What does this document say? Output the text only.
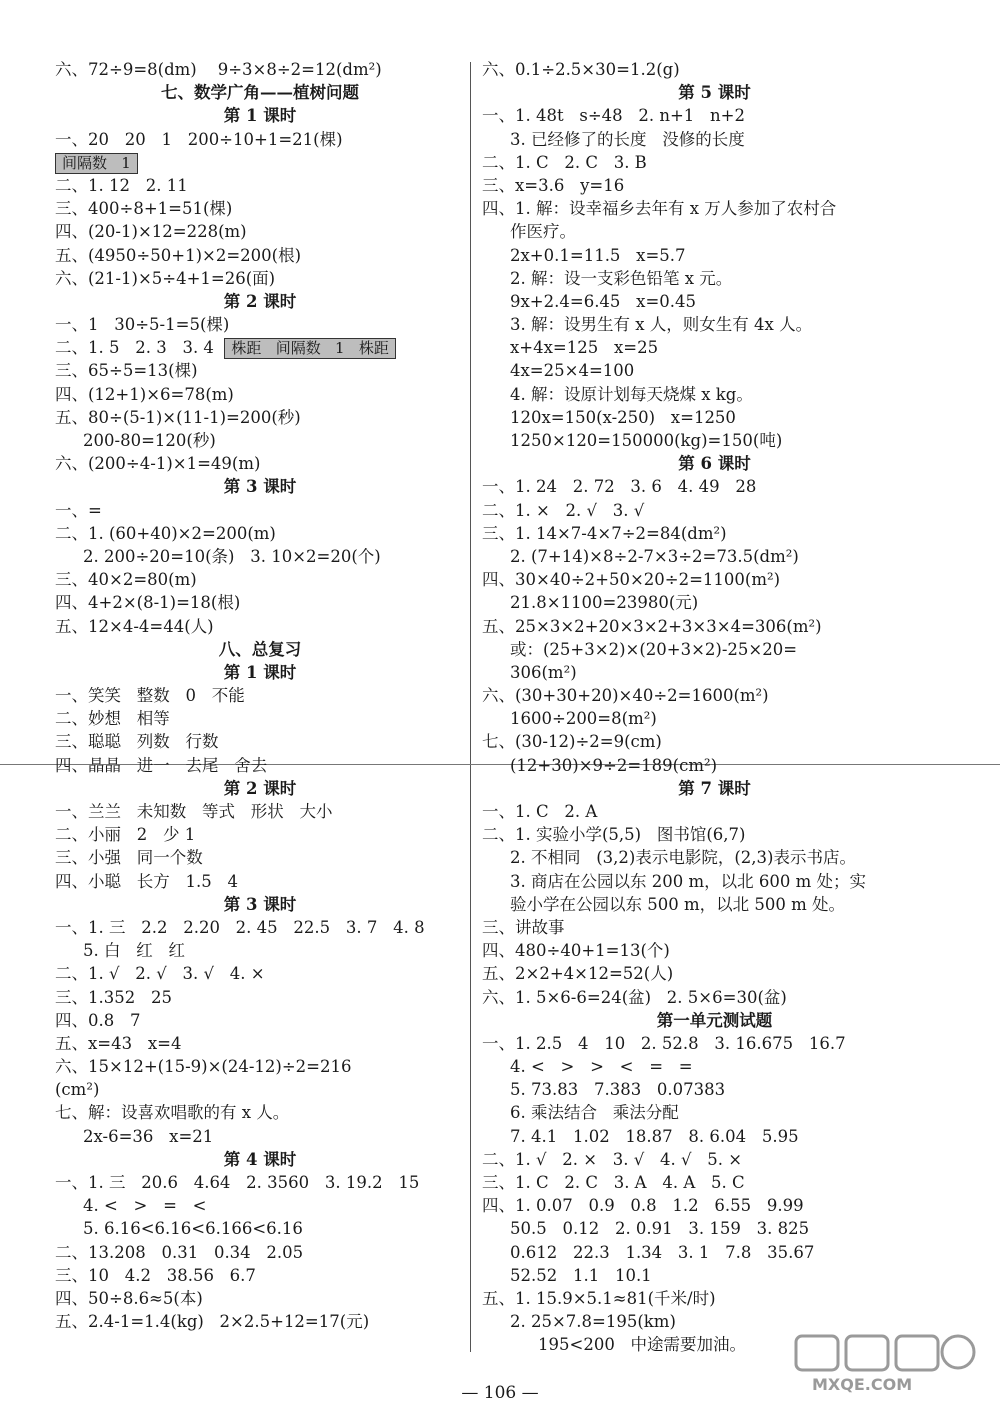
六、72÷9=8(dm)    9÷3×8÷2=12(dm²)
七、数学广角——植树问题
第 1 课时
一、20   20   1   200÷10+1=21(棵)
间隔数   1
二、1. 12   2. 11
三、400÷8+1=51(棵)
四、(20-1)×12=228(m)
五、(4950÷50+1)×2=200(根)
六、(21-1)×5÷4+1=26(面)
第 2 课时
一、1   30÷5-1=5(棵)
二、1. 5   2. 3   3. 4  株距   间隔数   1   株距
三、65÷5=13(棵)
四、(12+1)×6=78(m)
五、80÷(5-1)×(11-1)=200(秒)
200-80=120(秒)
六、(200÷4-1)×1=49(m)
第 3 课时
一、=
二、1. (60+40)×2=200(m)
2. 200÷20=10(条)   3. 10×2=20(个)
三、40×2=80(m)
四、4+2×(8-1)=18(根)
五、12×4-4=44(人)
八、总复习
第 1 课时
一、笑笑   整数   0   不能
二、妙想   相等
三、聪聪   列数   行数
四、晶晶   进一   去尾   舍去
第 2 课时
一、兰兰   未知数   等式   形状   大小
二、小丽   2   少 1
三、小强   同一个数
四、小聪   长方   1.5   4
第 3 课时
一、1. 三   2.2   2.20   2. 45   22.5   3. 7   4. 8
5. 白   红   红
二、1. √   2. √   3. √   4. ×
三、1.352   25
四、0.8   7
五、x=43   x=4
六、15×12+(15-9)×(24-12)÷2=216
(cm²)
七、解：设喜欢唱歌的有 x 人。
2x-6=36   x=21
第 4 课时
一、1. 三   20.6   4.64   2. 3560   3. 19.2   15
4. <   >   =   <
5. 6.16<6.16<6.166<6.16
二、13.208   0.31   0.34   2.05
三、10   4.2   38.56   6.7
四、50÷8.6≈5(本)
五、2.4-1=1.4(kg)   2×2.5+12=17(元)
六、0.1÷2.5×30=1.2(g)
第 5 课时
一、1. 48t   s÷48   2. n+1   n+2
3. 已经修了的长度   没修的长度
二、1. C   2. C   3. B
三、x=3.6   y=16
四、1. 解：设幸福乡去年有 x 万人参加了农村合
作医疗。
2x+0.1=11.5   x=5.7
2. 解：设一支彩色铅笔 x 元。
9x+2.4=6.45   x=0.45
3. 解：设男生有 x 人，则女生有 4x 人。
x+4x=125   x=25
4x=25×4=100
4. 解：设原计划每天烧煤 x kg。
120x=150(x-250)   x=1250
1250×120=150000(kg)=150(吨)
第 6 课时
一、1. 24   2. 72   3. 6   4. 49   28
二、1. ×   2. √   3. √
三、1. 14×7-4×7÷2=84(dm²)
2. (7+14)×8÷2-7×3÷2=73.5(dm²)
四、30×40÷2+50×20÷2=1100(m²)
21.8×1100=23980(元)
五、25×3×2+20×3×2+3×3×4=306(m²)
或：(25+3×2)×(20+3×2)-25×20=
306(m²)
六、(30+30+20)×40÷2=1600(m²)
1600÷200=8(m²)
七、(30-12)÷2=9(cm)
(12+30)×9÷2=189(cm²)
第 7 课时
一、1. C   2. A
二、1. 实验小学(5,5)   图书馆(6,7)
2. 不相同   (3,2)表示电影院，(2,3)表示书店。
3. 商店在公园以东 200 m，以北 600 m 处；实
验小学在公园以东 500 m，以北 500 m 处。
三、讲故事
四、480÷40+1=13(个)
五、2×2+4×12=52(人)
六、1. 5×6-6=24(盆)   2. 5×6=30(盆)
第一单元测试题
一、1. 2.5   4   10   2. 52.8   3. 16.675   16.7
4. <   >   >   <   =   =
5. 73.83   7.383   0.07383
6. 乘法结合   乘法分配
7. 4.1   1.02   18.87   8. 6.04   5.95
二、1. √   2. ×   3. √   4. √   5. ×
三、1. C   2. C   3. A   4. A   5. C
四、1. 0.07   0.9   0.8   1.2   6.55   9.99
50.5   0.12   2. 0.91   3. 159   3. 825
0.612   22.3   1.34   3. 1   7.8   35.67
52.52   1.1   10.1
五、1. 15.9×5.1≈81(千米/时)
2. 25×7.8=195(km)
195<200   中途需要加油。
— 106 —	MXQE.COM
